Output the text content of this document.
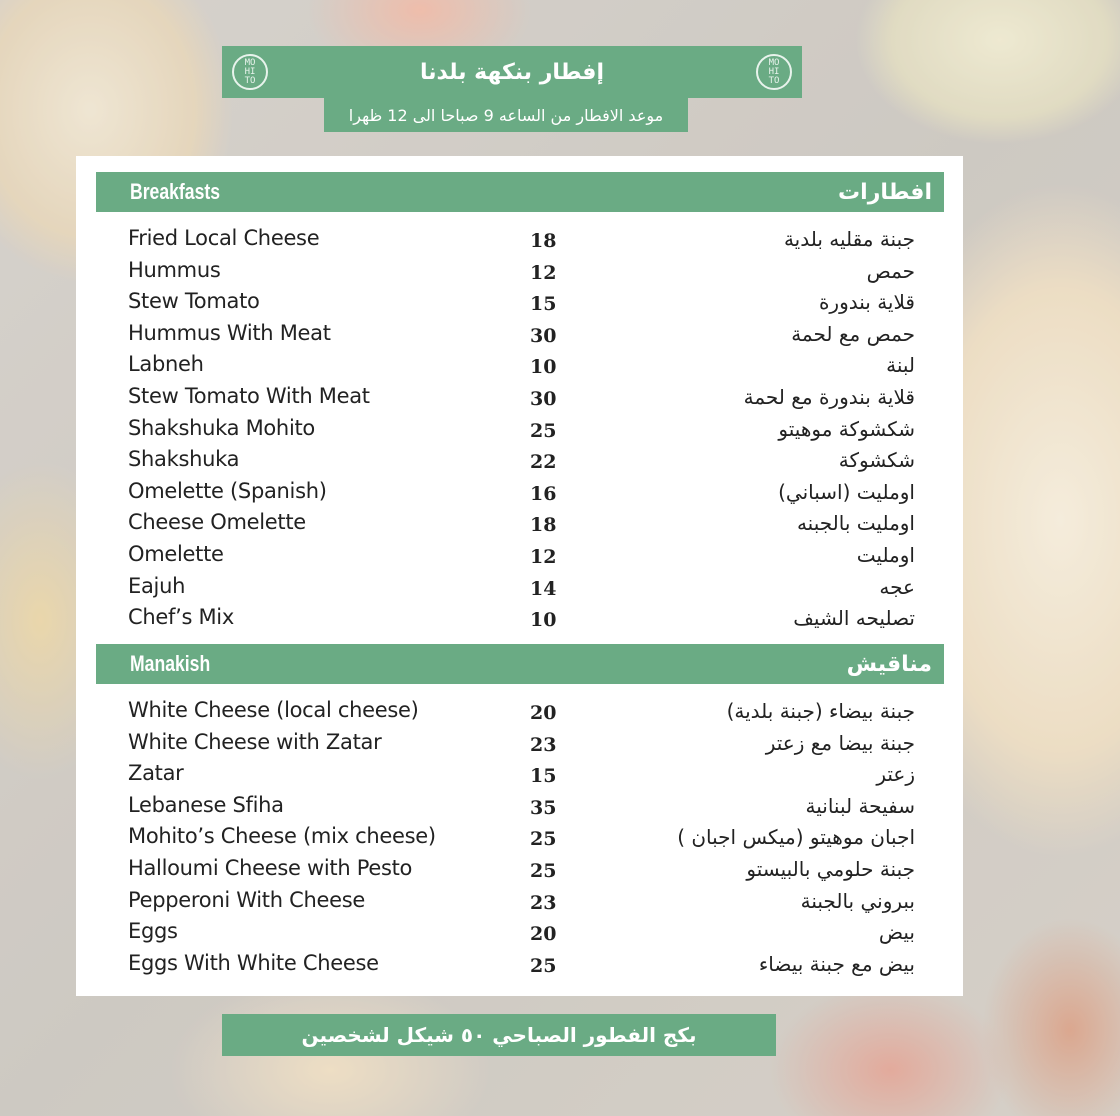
MO
HI
TO	إفطار بنكهة بلدنا	MO
HI
TO
موعد الافطار من الساعه 9 صباحا الى 12 ظهرا
Breakfasts	افطارات
Fried Local Cheese	18	جبنة مقليه بلدية
Hummus	12	حمص
Stew Tomato	15	قلاية بندورة
Hummus With Meat	30	حمص مع لحمة
Labneh	10	لبنة
Stew Tomato With Meat	30	قلاية بندورة مع لحمة
Shakshuka Mohito	25	شكشوكة موهيتو
Shakshuka	22	شكشوكة
Omelette (Spanish)	16	اومليت (اسباني)
Cheese Omelette	18	اومليت بالجبنه
Omelette	12	اومليت
Eajuh	14	عجه
Chef’s Mix	10	تصليحه الشيف
Manakish	مناقيش
White Cheese (local cheese)	20	جبنة بيضاء (جبنة بلدية)
White Cheese with Zatar	23	جبنة بيضا مع زعتر
Zatar	15	زعتر
Lebanese Sfiha	35	سفيحة لبنانية
Mohito’s Cheese (mix cheese)	25	اجبان موهيتو (ميكس اجبان )
Halloumi Cheese with Pesto	25	جبنة حلومي بالبيستو
Pepperoni With Cheese	23	ببروني بالجبنة
Eggs	20	بيض
Eggs With White Cheese	25	بيض مع جبنة بيضاء
بكج الفطور الصباحي ٥٠ شيكل لشخصين
